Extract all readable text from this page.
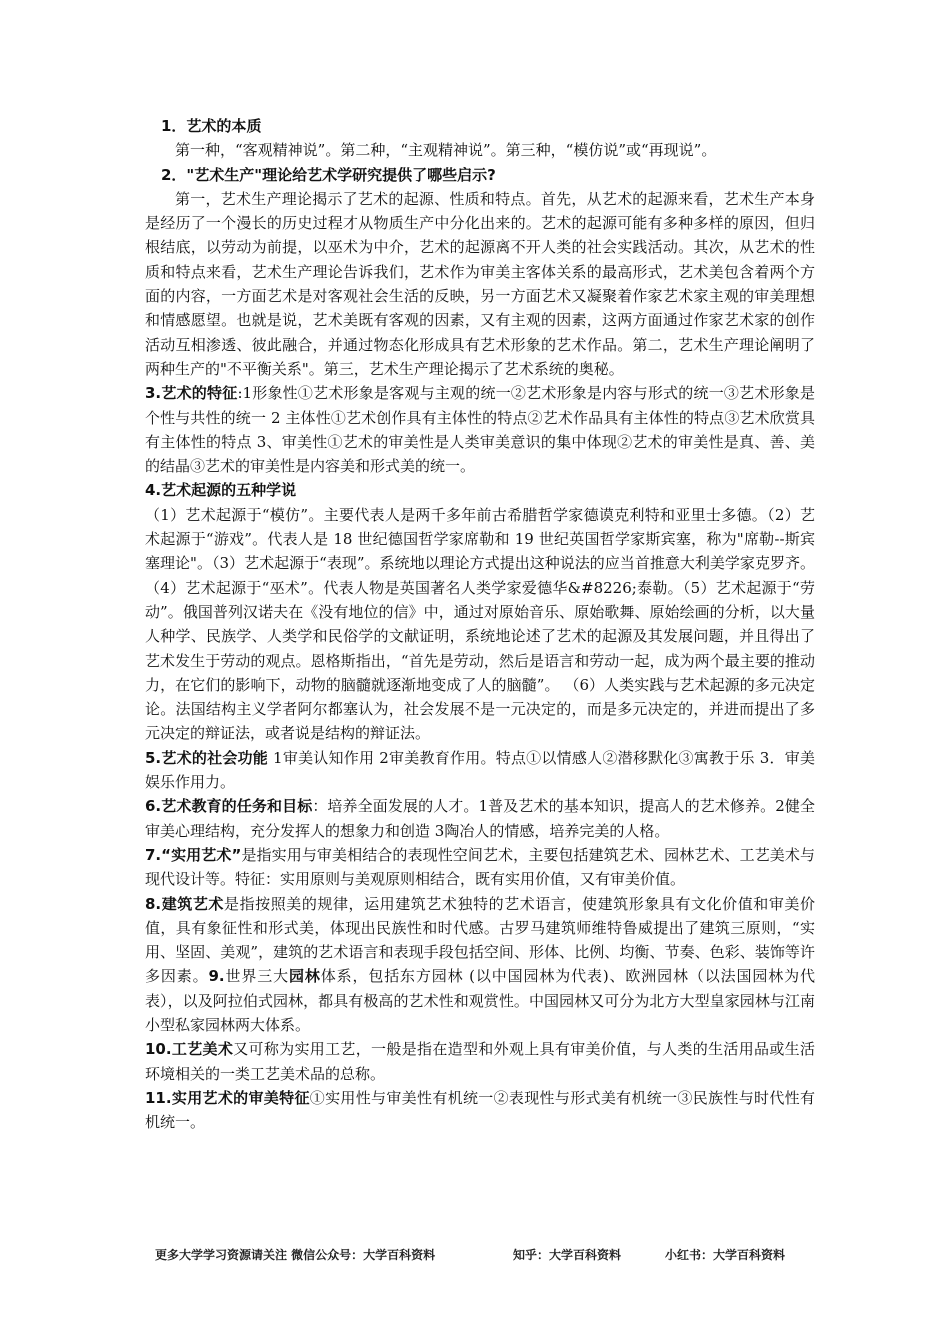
1．艺术的本质

第一种，“客观精神说”。第二种，“主观精神说”。第三种，“模仿说”或“再现说”。

2．"艺术生产"理论给艺术学研究提供了哪些启示?

第一，艺术生产理论揭示了艺术的起源、性质和特点。首先，从艺术的起源来看，艺术生产本身是经历了一个漫长的历史过程才从物质生产中分化出来的。艺术的起源可能有多种多样的原因，但归根结底，以劳动为前提，以巫术为中介，艺术的起源离不开人类的社会实践活动。其次，从艺术的性质和特点来看，艺术生产理论告诉我们，艺术作为审美主客体关系的最高形式，艺术美包含着两个方面的内容，一方面艺术是对客观社会生活的反映，另一方面艺术又凝聚着作家艺术家主观的审美理想和情感愿望。也就是说，艺术美既有客观的因素，又有主观的因素，这两方面通过作家艺术家的创作活动互相渗透、彼此融合，并通过物态化形成具有艺术形象的艺术作品。第二，艺术生产理论阐明了两种生产的"不平衡关系"。第三，艺术生产理论揭示了艺术系统的奥秘。

3.艺术的特征:1形象性①艺术形象是客观与主观的统一②艺术形象是内容与形式的统一③艺术形象是个性与共性的统一 2 主体性①艺术创作具有主体性的特点②艺术作品具有主体性的特点③艺术欣赏具有主体性的特点 3、审美性①艺术的审美性是人类审美意识的集中体现②艺术的审美性是真、善、美的结晶③艺术的审美性是内容美和形式美的统一。

4.艺术起源的五种学说

（1）艺术起源于“模仿”。主要代表人是两千多年前古希腊哲学家德谟克利特和亚里士多德。（2）艺术起源于“游戏”。代表人是 18 世纪德国哲学家席勒和 19 世纪英国哲学家斯宾塞，称为"席勒--斯宾塞理论"。（3）艺术起源于“表现”。系统地以理论方式提出这种说法的应当首推意大利美学家克罗齐。（4）艺术起源于“巫术”。代表人物是英国著名人类学家爱德华&#8226;泰勒。（5）艺术起源于“劳动”。俄国普列汉诺夫在《没有地位的信》中，通过对原始音乐、原始歌舞、原始绘画的分析，以大量人种学、民族学、人类学和民俗学的文献证明，系统地论述了艺术的起源及其发展问题，并且得出了艺术发生于劳动的观点。恩格斯指出，“首先是劳动，然后是语言和劳动一起，成为两个最主要的推动力，在它们的影响下，动物的脑髓就逐渐地变成了人的脑髓”。 （6）人类实践与艺术起源的多元决定论。法国结构主义学者阿尔都塞认为，社会发展不是一元决定的，而是多元决定的，并进而提出了多元决定的辩证法，或者说是结构的辩证法。

5.艺术的社会功能 1审美认知作用 2审美教育作用。特点①以情感人②潜移默化③寓教于乐 3．审美娱乐作用力。

6.艺术教育的任务和目标：培养全面发展的人才。1普及艺术的基本知识，提高人的艺术修养。2健全审美心理结构，充分发挥人的想象力和创造 3陶冶人的情感，培养完美的人格。

7.“实用艺术”是指实用与审美相结合的表现性空间艺术，主要包括建筑艺术、园林艺术、工艺美术与现代设计等。特征：实用原则与美观原则相结合，既有实用价值，又有审美价值。

8.建筑艺术是指按照美的规律，运用建筑艺术独特的艺术语言，使建筑形象具有文化价值和审美价值，具有象征性和形式美，体现出民族性和时代感。古罗马建筑师维特鲁威提出了建筑三原则，“实用、坚固、美观”，建筑的艺术语言和表现手段包括空间、形体、比例、均衡、节奏、色彩、装饰等许多因素。9.世界三大园林体系，包括东方园林 (以中国园林为代表)、欧洲园林（以法国园林为代表），以及阿拉伯式园林，都具有极高的艺术性和观赏性。中国园林又可分为北方大型皇家园林与江南小型私家园林两大体系。

10.工艺美术又可称为实用工艺，一般是指在造型和外观上具有审美价值，与人类的生活用品或生活环境相关的一类工艺美术品的总称。

11.实用艺术的审美特征①实用性与审美性有机统一②表现性与形式美有机统一③民族性与时代性有机统一。

更多大学学习资源请关注 微信公众号：大学百科资料	知乎：大学百科资料	小红书：大学百科资料
